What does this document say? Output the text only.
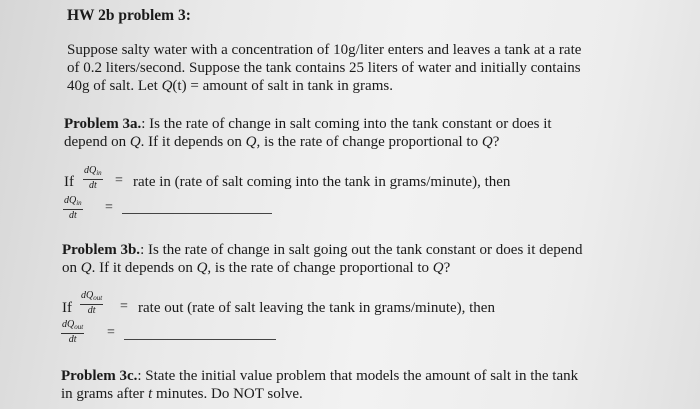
HW 2b problem 3:
Suppose salty water with a concentration of 10g/liter enters and leaves a tank at a rate
of 0.2 liters/second. Suppose the tank contains 25 liters of water and initially contains
40g of salt. Let Q(t) = amount of salt in tank in grams.
Problem 3a.: Is the rate of change in salt coming into the tank constant or does it
depend on Q. If it depends on Q, is the rate of change proportional to Q?
If
$dQ_{in}$
dt	= rate in (rate of salt coming into the tank in grams/minute), then
$dQ_{in}$
dt
=
Problem 3b.: Is the rate of change in salt going out the tank constant or does it depend
on Q. If it depends on Q, is the rate of change proportional to Q?
If
$dQ_{out}$
dt	= rate out (rate of salt leaving the tank in grams/minute), then
$dQ_{out}$
dt	=
Problem 3c.: State the initial value problem that models the amount of salt in the tank
in grams after t minutes. Do NOT solve.
